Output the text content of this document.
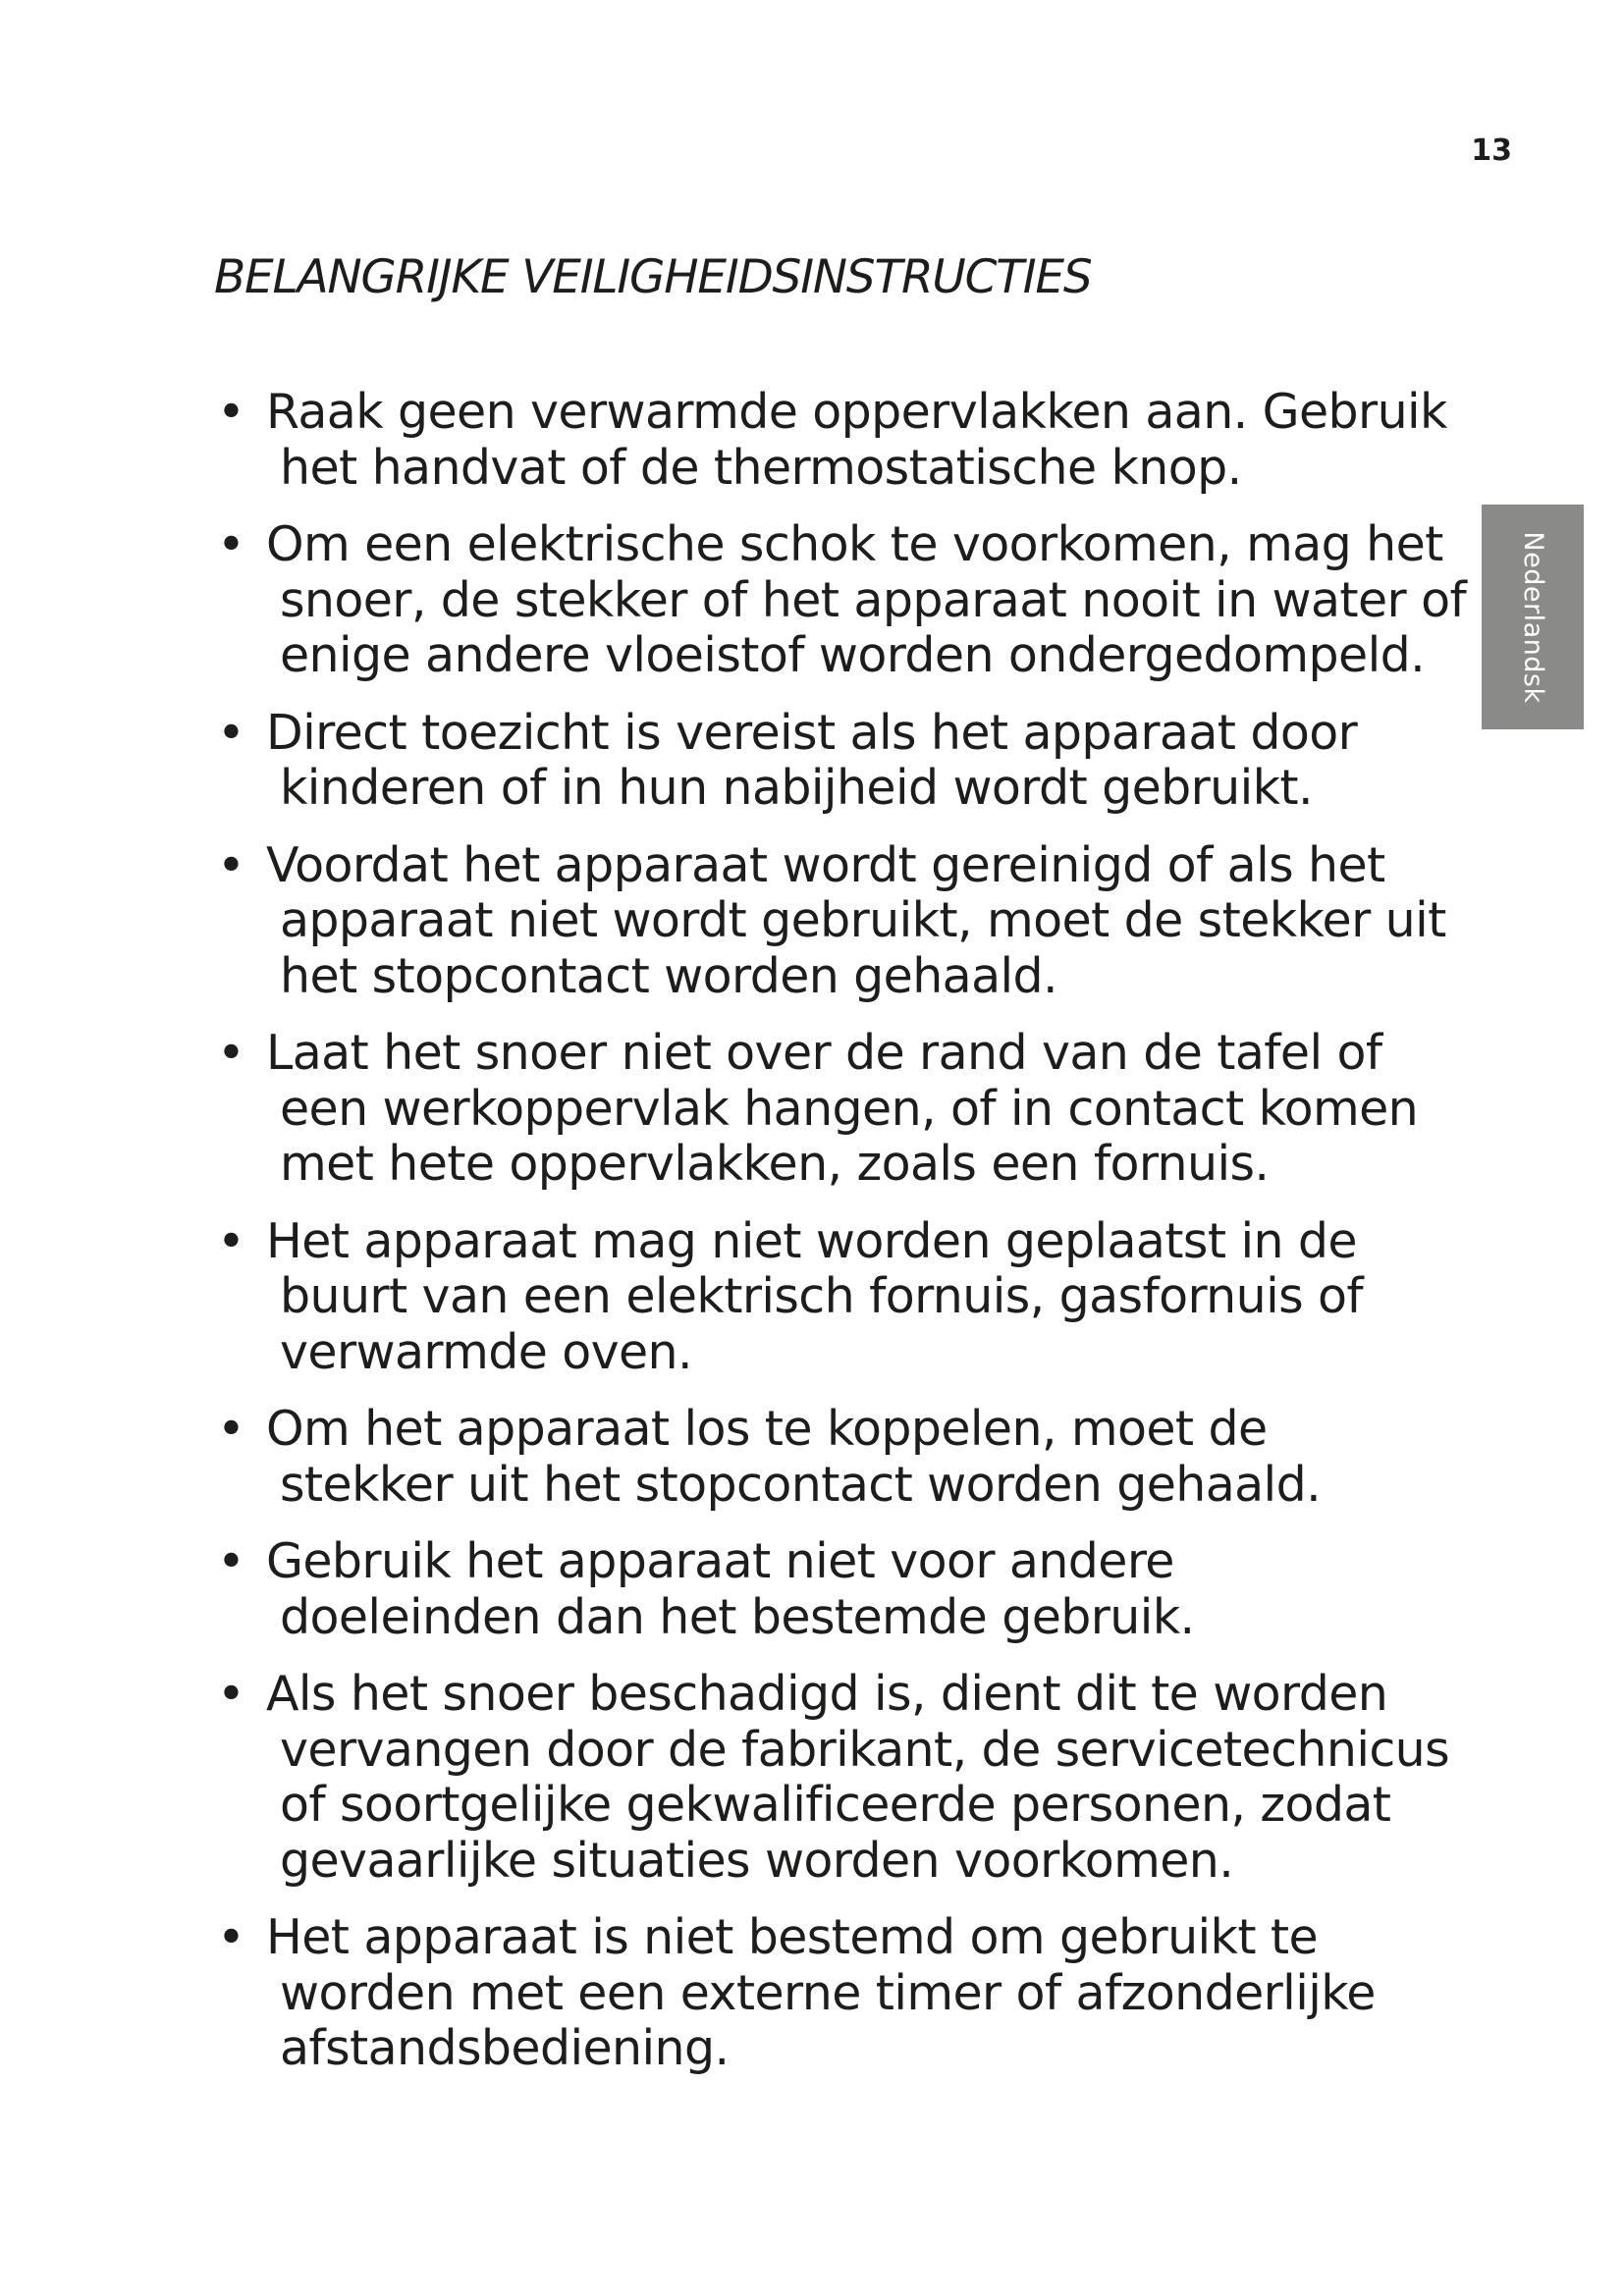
13
BELANGRIJKE VEILIGHEIDSINSTRUCTIES
Nederlandsk
• Raak geen verwarmde oppervlakken aan. Gebruik
het handvat of de thermostatische knop.
• Om een elektrische schok te voorkomen, mag het
snoer, de stekker of het apparaat nooit in water of
enige andere vloeistof worden ondergedompeld.
• Direct toezicht is vereist als het apparaat door
kinderen of in hun nabijheid wordt gebruikt.
• Voordat het apparaat wordt gereinigd of als het
apparaat niet wordt gebruikt, moet de stekker uit
het stopcontact worden gehaald.
• Laat het snoer niet over de rand van de tafel of
een werkoppervlak hangen, of in contact komen
met hete oppervlakken, zoals een fornuis.
• Het apparaat mag niet worden geplaatst in de
buurt van een elektrisch fornuis, gasfornuis of
verwarmde oven.
• Om het apparaat los te koppelen, moet de
stekker uit het stopcontact worden gehaald.
• Gebruik het apparaat niet voor andere
doeleinden dan het bestemde gebruik.
• Als het snoer beschadigd is, dient dit te worden
vervangen door de fabrikant, de servicetechnicus
of soortgelijke gekwalificeerde personen, zodat
gevaarlijke situaties worden voorkomen.
• Het apparaat is niet bestemd om gebruikt te
worden met een externe timer of afzonderlijke
afstandsbediening.
